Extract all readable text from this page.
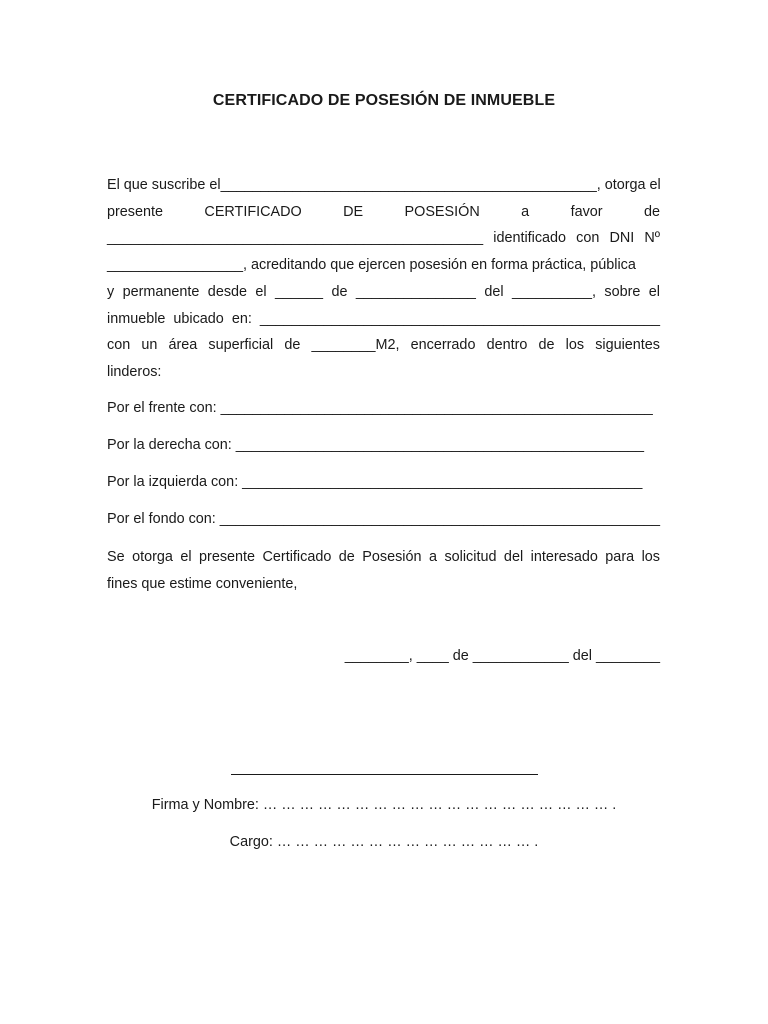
CERTIFICADO DE POSESIÓN DE INMUEBLE
El que suscribe el_______________________________________________, otorga el
presente CERTIFICADO DE POSESIÓN a favor de
_______________________________________________ identificado con DNI Nº
_________________, acreditando que ejercen posesión en forma práctica, pública
y permanente desde el ______ de _______________ del __________, sobre el
inmueble ubicado en: __________________________________________________
con un área superficial de ________M2, encerrado dentro de los siguientes
linderos:

Por el frente con: ______________________________________________________

Por la derecha con: ___________________________________________________

Por la izquierda con: __________________________________________________

Por el fondo con: _______________________________________________________

Se otorga el presente Certificado de Posesión a solicitud del interesado para los
fines que estime conveniente,

________, ____ de ____________ del ________

Firma y Nombre: … … … … … … … … … … … … … … … … … … … .

Cargo: … … … … … … … … … … … … … … .
